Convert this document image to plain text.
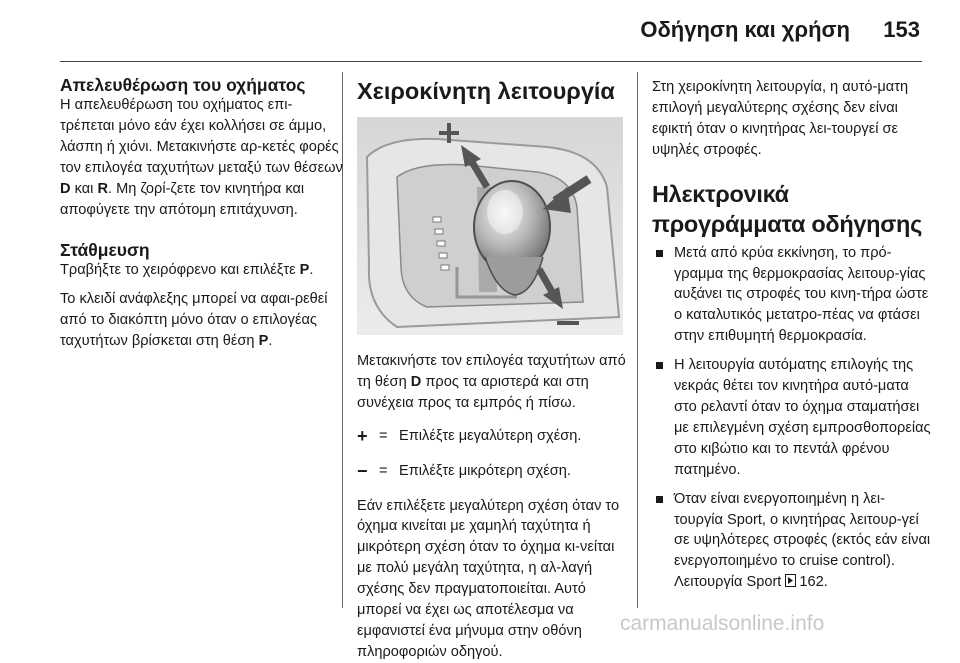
Οδήγηση και χρήση 153
Απελευθέρωση του οχήματος

Η απελευθέρωση του οχήματος επι-τρέπεται μόνο εάν έχει κολλήσει σε άμμο, λάσπη ή χιόνι. Μετακινήστε αρ-κετές φορές τον επιλογέα ταχυτήτων μεταξύ των θέσεων D και R. Μη ζορί-ζετε τον κινητήρα και αποφύγετε την απότομη επιτάχυνση.

Στάθμευση

Τραβήξτε το χειρόφρενο και επιλέξτε P.

Το κλειδί ανάφλεξης μπορεί να αφαι-ρεθεί από το διακόπτη μόνο όταν ο επιλογέας ταχυτήτων βρίσκεται στη θέση P.

Χειροκίνητη λειτουργία

Μετακινήστε τον επιλογέα ταχυτήτων από τη θέση D προς τα αριστερά και στη συνέχεια προς τα εμπρός ή πίσω.

+ = Επιλέξτε μεγαλύτερη σχέση.
− = Επιλέξτε μικρότερη σχέση.

Εάν επιλέξετε μεγαλύτερη σχέση όταν το όχημα κινείται με χαμηλή ταχύτητα ή μικρότερη σχέση όταν το όχημα κι-νείται με πολύ μεγάλη ταχύτητα, η αλ-λαγή σχέσης δεν πραγματοποιείται. Αυτό μπορεί να έχει ως αποτέλεσμα να εμφανιστεί ένα μήνυμα στην οθόνη πληροφοριών οδηγού.

Στη χειροκίνητη λειτουργία, η αυτό-ματη επιλογή μεγαλύτερης σχέσης δεν είναι εφικτή όταν ο κινητήρας λει-τουργεί σε υψηλές στροφές.

Ηλεκτρονικά προγράμματα οδήγησης
Μετά από κρύα εκκίνηση, το πρό-γραμμα της θερμοκρασίας λειτουρ-γίας αυξάνει τις στροφές του κινη-τήρα ώστε ο καταλυτικός μετατρο-πέας να φτάσει στην επιθυμητή θερμοκρασία.
Η λειτουργία αυτόματης επιλογής της νεκράς θέτει τον κινητήρα αυτό-ματα στο ρελαντί όταν το όχημα σταματήσει με επιλεγμένη σχέση εμπροσθοπορείας στο κιβώτιο και το πεντάλ φρένου πατημένο.
Όταν είναι ενεργοποιημένη η λει-τουργία Sport, ο κινητήρας λειτουρ-γεί σε υψηλότερες στροφές (εκτός εάν είναι ενεργοποιημένο το cruise control). Λειτουργία Sport
162.
carmanualsonline.info
